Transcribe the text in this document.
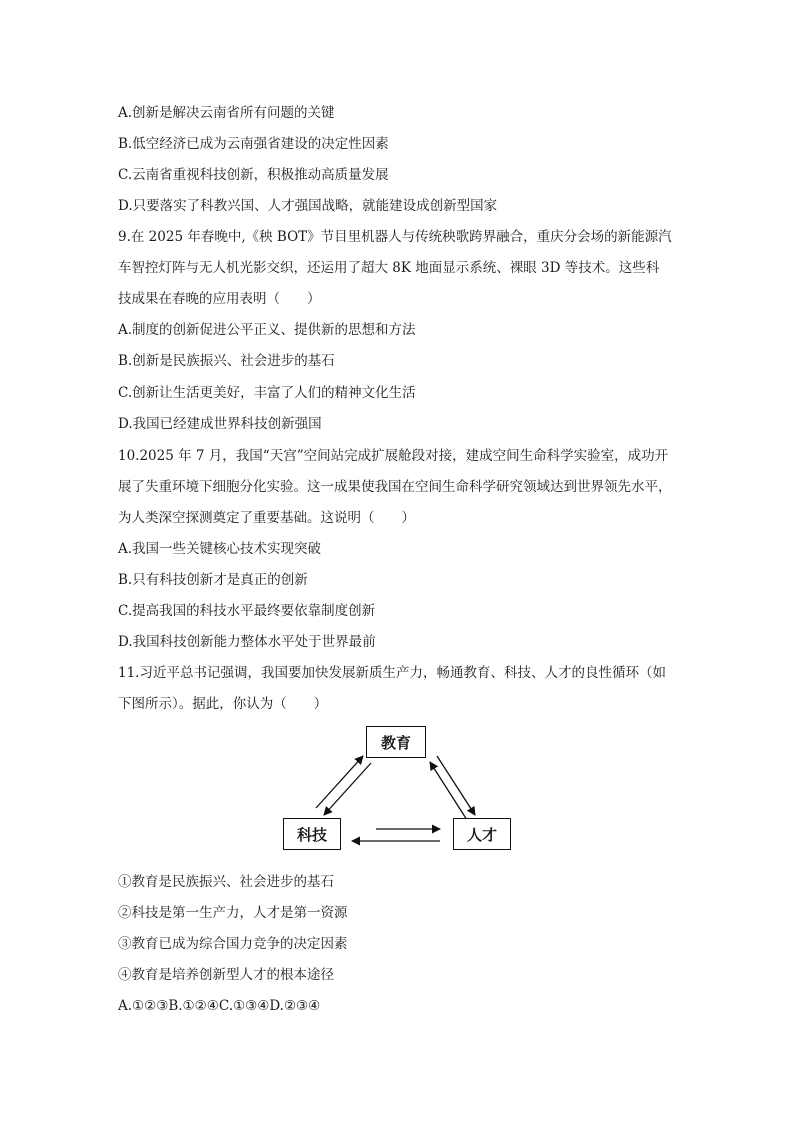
A.创新是解决云南省所有问题的关键
B.低空经济已成为云南强省建设的决定性因素
C.云南省重视科技创新，积极推动高质量发展
D.只要落实了科教兴国、人才强国战略，就能建设成创新型国家
9.在 2025 年春晚中,《秧 BOT》节目里机器人与传统秧歌跨界融合，重庆分会场的新能源汽
车智控灯阵与无人机光影交织，还运用了超大 8K 地面显示系统、裸眼 3D 等技术。这些科
技成果在春晚的应用表明（　　）
A.制度的创新促进公平正义、提供新的思想和方法
B.创新是民族振兴、社会进步的基石
C.创新让生活更美好，丰富了人们的精神文化生活
D.我国已经建成世界科技创新强国
10.2025 年 7 月，我国“天宫”空间站完成扩展舱段对接，建成空间生命科学实验室，成功开
展了失重环境下细胞分化实验。这一成果使我国在空间生命科学研究领域达到世界领先水平，
为人类深空探测奠定了重要基础。这说明（　　）
A.我国一些关键核心技术实现突破
B.只有科技创新才是真正的创新
C.提高我国的科技水平最终要依靠制度创新
D.我国科技创新能力整体水平处于世界最前
11.习近平总书记强调，我国要加快发展新质生产力，畅通教育、科技、人才的良性循环（如
下图所示）。据此，你认为（　　）
教育
科技	人才
①教育是民族振兴、社会进步的基石
②科技是第一生产力，人才是第一资源
③教育已成为综合国力竞争的决定因素
④教育是培养创新型人才的根本途径
A.①②③B.①②④C.①③④D.②③④
